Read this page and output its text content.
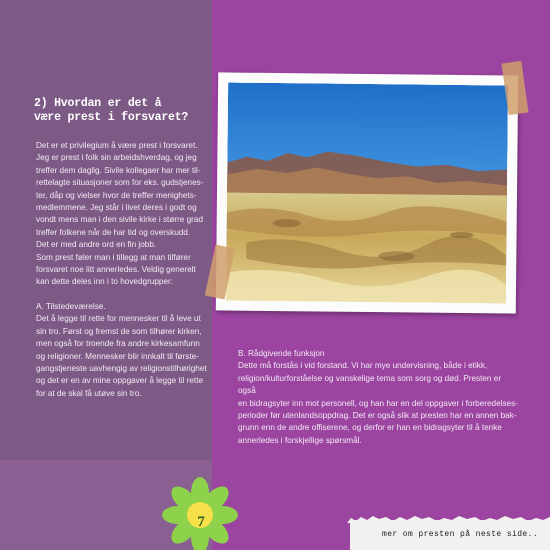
2) Hvordan er det å
være prest i forsvaret?

Det er et privilegium å være prest i forsvaret.

Jeg er prest i folk sin arbeidshverdag, og jeg

treffer dem daglig. Sivile kollegaer har mer til-

rettelagte situasjoner som for eks. gudstjenes-

ter, dåp og vielser hvor de treffer menighets-

medlemmene. Jeg står i livet deres i godt og

vondt mens man i den sivile kirke i større grad

treffer folkene når de har tid og overskudd.

Det er med andre ord en fin jobb.

Som prest føler man i tillegg at man tilfører

forsvaret noe litt annerledes. Veldig generelt

kan dette deles inn i to hovedgrupper:

A. Tilstedeværelse.

Det å legge til rette for mennesker til å leve ut

sin tro. Først og fremst de som tilhører kirken,

men også for troende fra andre kirkesamfunn

og religioner. Mennesker blir innkalt til første-

gangstjeneste uavhengig av religionstilhørighet

og det er en av mine oppgaver å legge til rette

for at de skal få utøve sin tro.

B. Rådgivende funksjon

Dette må forstås i vid forstand. Vi har mye undervisning, både i etikk,

religion/kulturforståelse og vanskelige tema som sorg og død. Presten er også

en bidragsyter inn mot personell, og han har en del oppgaver i forberedelses-

perioder før utenlandsoppdrag. Det er også slik at presten har en annen bak-

grunn enn de andre offiserene, og derfor er han en bidragsyter til å tenke

annerledes i forskjellige spørsmål.

mer om presten på neste side..
7
